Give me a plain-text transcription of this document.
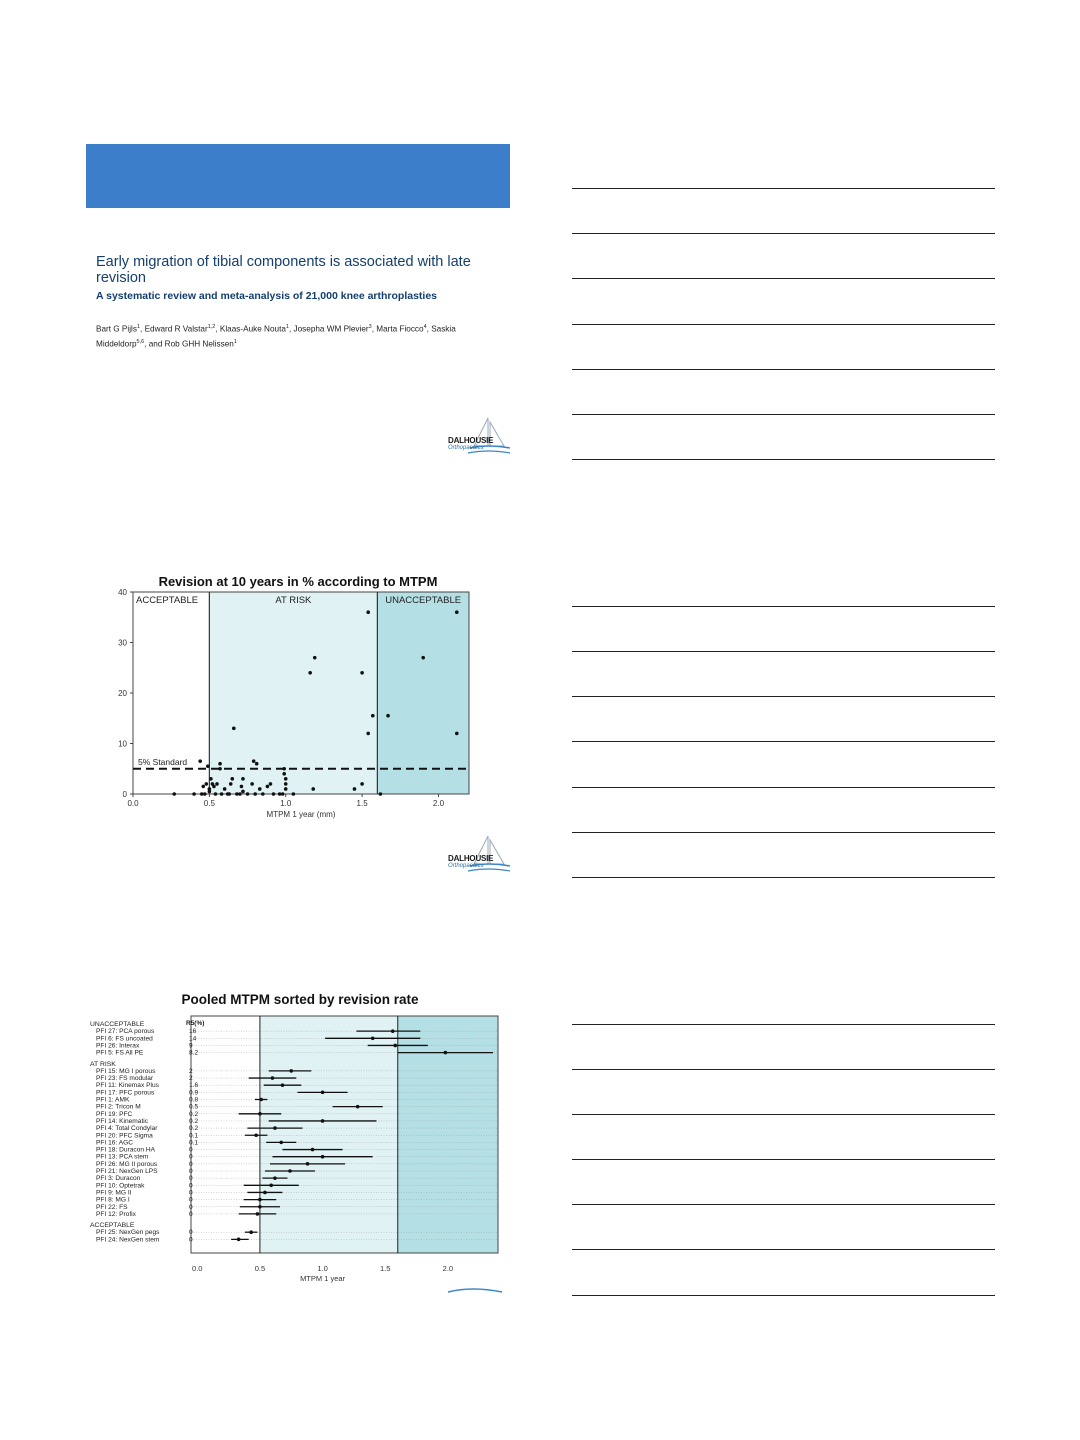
Early migration of tibial components is associated with late revision
A systematic review and meta-analysis of 21,000 knee arthroplasties
Bart G Pijls$^1$, Edward R Valstar$^{1,2}$, Klaas-Auke Nouta$^1$, Josepha WM Plevier$^3$, Marta Fiocco$^4$, Saskia Middeldorp$^{5,6}$, and Rob GHH Nelissen$^1$
DALHOUSIE
Orthopaedics
Revision at 10 years in % according to MTPM
ACCEPTABLE	AT RISK	UNACCEPTABLE
0
10
20
30
40
0.0	0.5	1.0	1.5	2.0
MTPM 1 year (mm)
5% Standard
DALHOUSIE
Orthopaedics
Pooled MTPM sorted by revision rate
R5(%)
UNACCEPTABLE
PFI 27: PCA porous	16
PFI 6: FS uncoated	14
PFI 26: Interax	9
PFI 5: FS All PE	8.2
AT RISK
PFI 15: MG I porous	2
PFI 23: FS modular	2
PFI 11: Kinemax Plus	1.6
PFI 17: PFC porous	0.9
PFI 1: AMK	0.8
PFI 2: Tricon M	0.5
PFI 19: PFC	0.2
PFI 14: Kinematic	0.2
PFI 4: Total Condylar	0.2
PFI 20: PFC Sigma	0.1
PFI 16: AGC	0.1
PFI 18: Duracon HA	0
PFI 13: PCA stem	0
PFI 26: MG II porous	0
PFI 21: NexGen LPS	0
PFI 3: Duracon	0
PFI 10: Optetrak	0
PFI 9: MG II	0
PFI 8: MG I	0
PFI 22: FS	0
PFI 12: Profix	0
ACCEPTABLE
PFI 25: NexGen pegs	0
PFI 24: NexGen stem	0
0.0	0.5	1.0	1.5	2.0
MTPM 1 year
